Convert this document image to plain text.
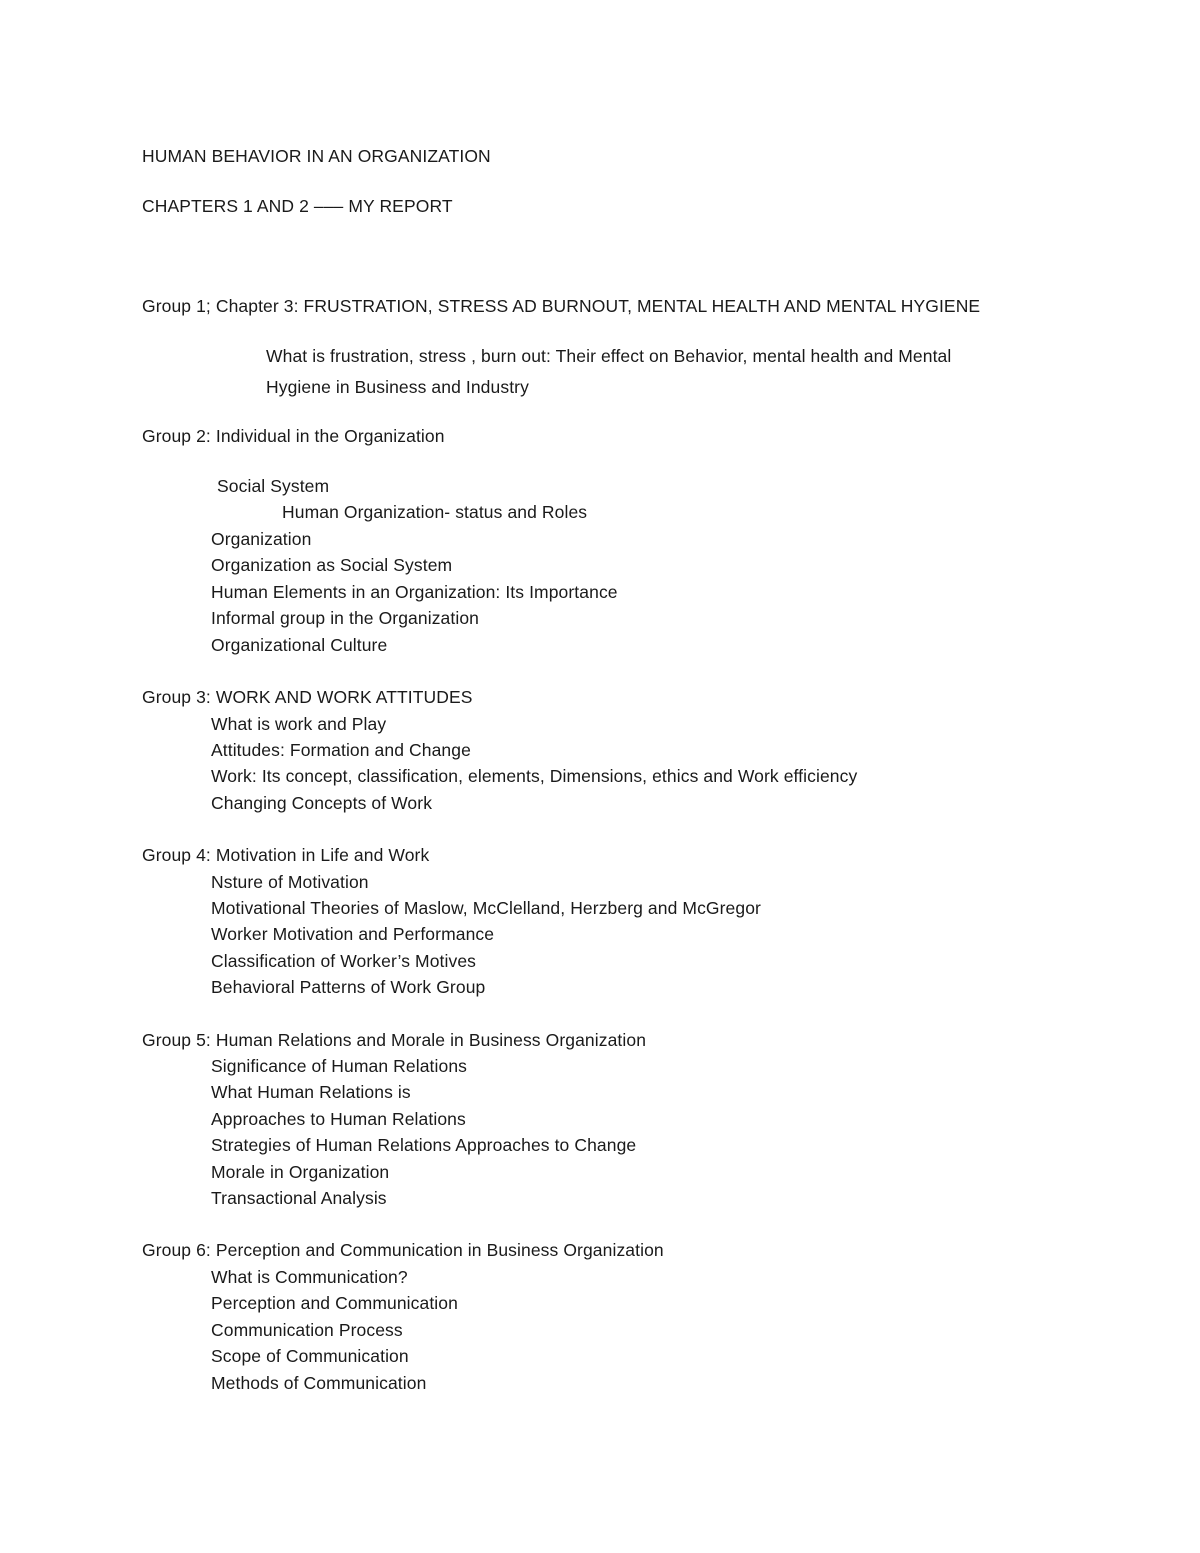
HUMAN BEHAVIOR IN AN ORGANIZATION
CHAPTERS 1 AND 2 ––– MY REPORT
Group 1; Chapter 3: FRUSTRATION, STRESS AD BURNOUT, MENTAL HEALTH AND MENTAL HYGIENE
What is frustration, stress , burn out: Their effect on Behavior, mental health and Mental
Hygiene in Business and Industry
Group 2: Individual in the Organization
Social System
Human Organization- status and Roles
Organization
Organization as Social System
Human Elements in an Organization: Its Importance
Informal group in the Organization
Organizational Culture
Group 3: WORK AND WORK ATTITUDES
What is work and Play
Attitudes: Formation and Change
Work: Its concept, classification, elements, Dimensions, ethics and Work efficiency
Changing Concepts of Work
Group 4: Motivation in Life and Work
Nsture of Motivation
Motivational Theories of Maslow, McClelland, Herzberg and McGregor
Worker Motivation and Performance
Classification of Worker’s Motives
Behavioral Patterns of Work Group
Group 5: Human Relations and Morale in Business Organization
Significance of Human Relations
What Human Relations is
Approaches to Human Relations
Strategies of Human Relations Approaches to Change
Morale in Organization
Transactional Analysis
Group 6: Perception and Communication in Business Organization
What is Communication?
Perception and Communication
Communication Process
Scope of Communication
Methods of Communication
